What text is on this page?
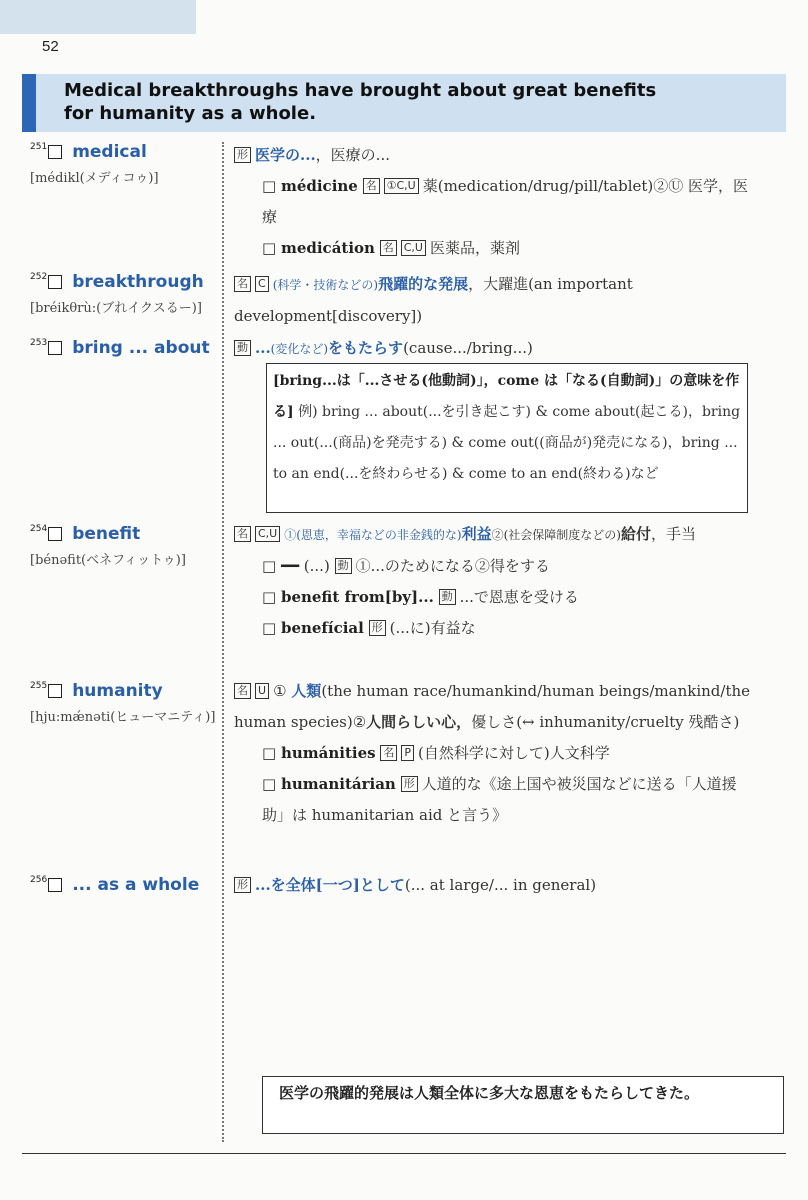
52
Medical breakthroughs have brought about great benefits
for humanity as a whole.
251 medical
[médikl(メディコゥ)]
形 医学の...，医療の...
□ médicine 名 ①C,U 薬(medication/drug/pill/tablet)②Ⓤ 医学，医療
□ medicátion 名 C,U 医薬品，薬剤
252 breakthrough
[bréikθrù:(ブれイクスるー)]
名 C (科学・技術などの)飛躍的な発展，大躍進(an important development[discovery])
253 bring ... about 動 ...(変化など)をもたらす(cause.../bring...)
[bring...は「...させる(他動詞)」，come は「なる(自動詞)」の意味を作る] 例) bring ... about(...を引き起こす) & come about(起こる)，bring ... out(...(商品)を発売する) & come out((商品が)発売になる)，bring ... to an end(...を終わらせる) & come to an end(終わる)など
254 benefit
[bénəfit(ベネフィットゥ)]
名 C,U ①(恩恵，幸福などの非金銭的な)利益②(社会保障制度などの)給付，手当
□ ━━ (...) 動 ①...のためになる②得をする
□ benefit from[by]... 動 ...で恩恵を受ける
□ benefícial 形 (...に)有益な
255 humanity
[hju:mǽnəti(ヒューマニティ)]
名 U ① 人類(the human race/humankind/human beings/mankind/the human species)②人間らしい心，優しさ(↔ inhumanity/cruelty 残酷さ)
□ humánities 名 P (自然科学に対して)人文科学
□ humanitárian 形 人道的な《途上国や被災国などに送る「人道援助」は humanitarian aid と言う》
256 ... as a whole	形 ...を全体[一つ]として(... at large/... in general)
医学の飛躍的発展は人類全体に多大な恩恵をもたらしてきた。
